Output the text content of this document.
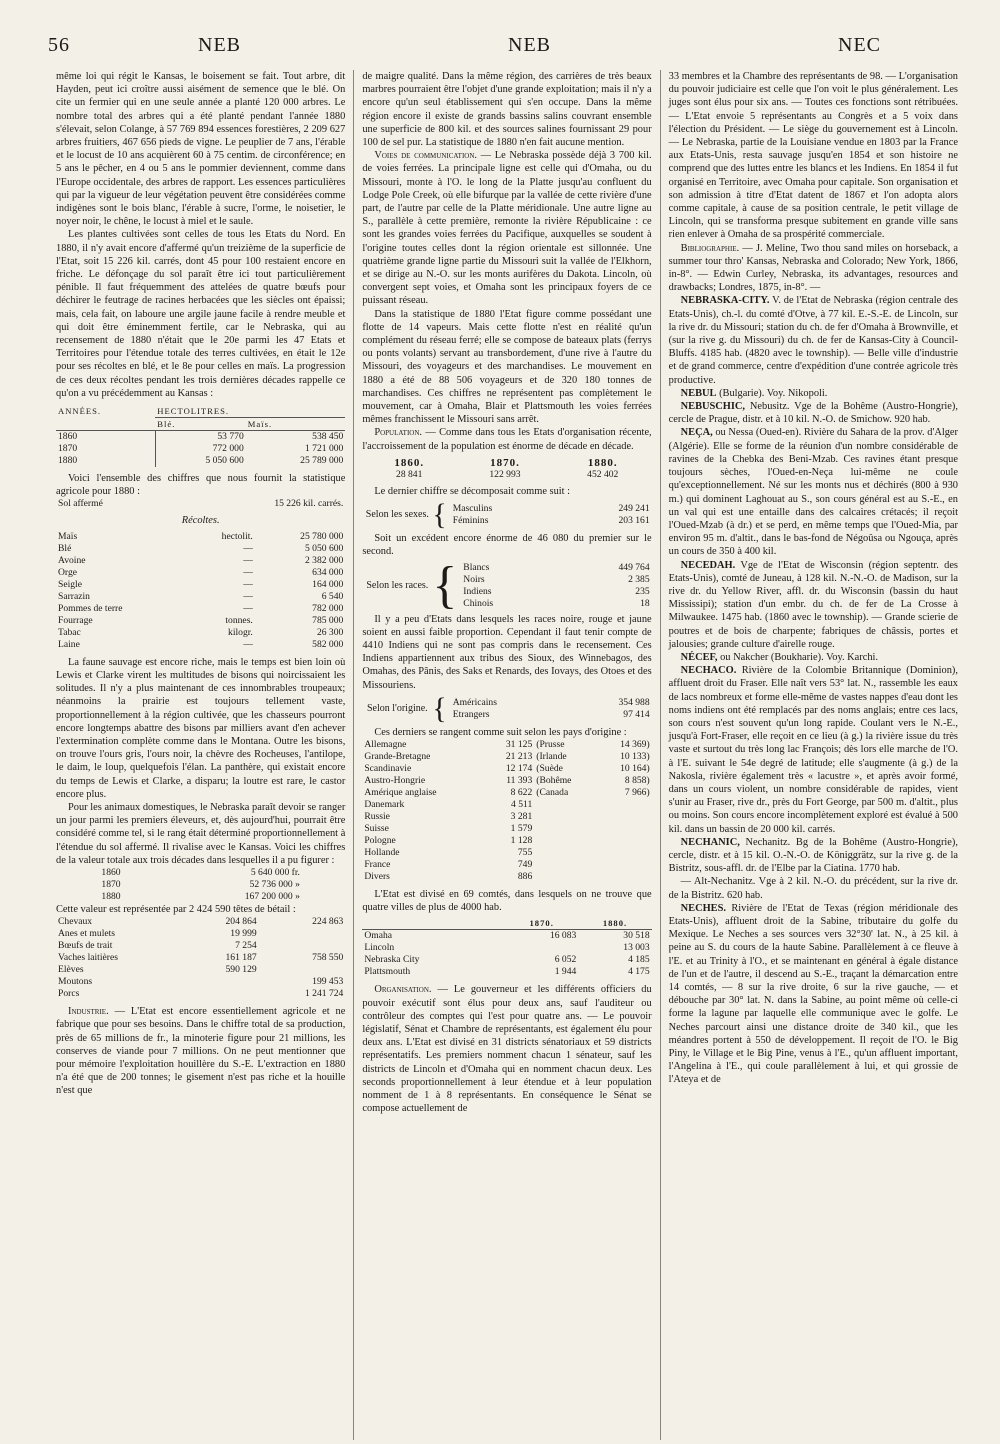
56	NEB	NEB	NEC

même loi qui régit le Kansas, le boisement se fait. Tout arbre, dit Hayden, peut ici croître aussi aisément de semence que le blé. On cite un fermier qui en une seule année a planté 120 000 arbres. Le nombre total des arbres qui a été planté pendant l'année 1880 s'élevait, selon Colange, à 57 769 894 essences forestières, 2 209 627 arbres fruitiers, 467 656 pieds de vigne. Le peuplier de 7 ans, l'érable et le locust de 10 ans acquièrent 60 à 75 centim. de circonférence; en 5 ans le pêcher, en 4 ou 5 ans le pommier deviennent, comme dans l'Europe occidentale, des arbres de rapport. Les essences particulières qui par la vigueur de leur végétation peuvent être considérées comme indigènes sont le bois blanc, l'érable à sucre, l'orme, le noisetier, le noyer noir, le chêne, le locust à miel et le saule.

Les plantes cultivées sont celles de tous les Etats du Nord. En 1880, il n'y avait encore d'affermé qu'un treizième de la superficie de l'Etat, soit 15 226 kil. carrés, dont 45 pour 100 restaient encore en friche. Le défonçage du sol paraît être ici tout particulièrement pénible. Il faut fréquemment des attelées de quatre bœufs pour déchirer le feutrage de racines herbacées que les siècles ont épaissi; mais, cela fait, on laboure une argile jaune facile à rendre meuble et qui doit être éminemment fertile, car le Nebraska, qui au recensement de 1880 n'était que le 20e parmi les 47 Etats et Territoires pour l'étendue totale des terres cultivées, en était le 12e pour ses récoltes en blé, et le 8e pour celles en maïs. La progression de ces deux récoltes pendant les trois dernières décades rappelle ce qu'on a vu précédemment au Kansas :

ANNÉES.	HECTOLITRES.	
	Blé.	Maïs.
1860	53 770	538 450
1870	772 000	1 721 000
1880	5 050 600	25 789 000

Voici l'ensemble des chiffres que nous fournit la statistique agricole pour 1880 :

Sol affermé	15 226 kil. carrés.
Récoltes.
Maïs	hectolit.	25 780 000
Blé	—	5 050 600
Avoine	—	2 382 000
Orge	—	634 000
Seigle	—	164 000
Sarrazin	—	6 540
Pommes de terre	—	782 000
Fourrage	tonnes.	785 000
Tabac	kilogr.	26 300
Laine	—	582 000

La faune sauvage est encore riche, mais le temps est bien loin où Lewis et Clarke virent les multitudes de bisons qui noircissaient les solitudes. Il n'y a plus maintenant de ces innombrables troupeaux; néanmoins la prairie est toujours tellement vaste, proportionnellement à la région cultivée, que les chasseurs pourront encore longtemps abattre des bisons par milliers avant d'en achever l'extermination complète comme dans le Montana. Outre les bisons, on trouve l'ours gris, l'ours noir, la chèvre des Rocheuses, l'antilope, le daim, le loup, quelquefois l'élan. La panthère, qui existait encore du temps de Lewis et Clarke, a disparu; la loutre est rare, le castor encore plus.

Pour les animaux domestiques, le Nebraska paraît devoir se ranger un jour parmi les premiers éleveurs, et, dès aujourd'hui, pourrait être considéré comme tel, si le rang était déterminé proportionnellement à l'étendue du sol affermé. Il rivalise avec le Kansas. Voici les chiffres de la valeur totale aux trois décades dans lesquelles il a pu figurer :

1860	5 640 000 fr.
1870	52 736 000 »
1880	167 200 000 »

Cette valeur est représentée par 2 424 590 têtes de bétail :

Chevaux	204 864	224 863
Anes et mulets	19 999	
Bœufs de trait	7 254	
Vaches laitières	161 187	758 550
Elèves	590 129	
Moutons		199 453
Porcs		1 241 724

Industrie. — L'Etat est encore essentiellement agricole et ne fabrique que pour ses besoins. Dans le chiffre total de sa production, près de 65 millions de fr., la minoterie figure pour 21 millions, les conserves de viande pour 7 millions. On ne peut mentionner que pour mémoire l'exploitation houillère du S.-E. L'extraction en 1880 n'a été que de 200 tonnes; le gisement n'est pas riche et la houille n'est que

de maigre qualité. Dans la même région, des carrières de très beaux marbres pourraient être l'objet d'une grande exploitation; mais il n'y a encore qu'un seul établissement qui s'en occupe. Dans la même région encore il existe de grands bassins salins couvrant ensemble une superficie de 800 kil. et des sources salines fournissant 29 pour 100 de sel pur. La statistique de 1880 n'en fait aucune mention.

Voies de communication. — Le Nebraska possède déjà 3 700 kil. de voies ferrées. La principale ligne est celle qui d'Omaha, ou du Missouri, monte à l'O. le long de la Platte jusqu'au confluent du Lodge Pole Creek, où elle bifurque par la vallée de cette rivière d'une part, de l'autre par celle de la Platte méridionale. Une autre ligne au S., parallèle à cette première, remonte la rivière Républicaine : ce sont les grandes voies ferrées du Pacifique, auxquelles se soudent à l'origine toutes celles dont la région orientale est sillonnée. Une quatrième grande ligne partie du Missouri suit la vallée de l'Elkhorn, et se dirige au N.-O. sur les monts aurifères du Dakota. Lincoln, où convergent sept voies, et Omaha sont les principaux foyers de ce puissant réseau.

Dans la statistique de 1880 l'Etat figure comme possédant une flotte de 14 vapeurs. Mais cette flotte n'est en réalité qu'un complément du réseau ferré; elle se compose de bateaux plats (ferrys ou ponts volants) servant au transbordement, d'une rive à l'autre du Missouri, des voyageurs et des marchandises. Le mouvement en 1880 a été de 88 506 voyageurs et de 320 180 tonnes de marchandises. Ces chiffres ne représentent pas complètement le mouvement, car à Omaha, Blair et Plattsmouth les voies ferrées mêmes franchissent le Missouri sans arrêt.

Population. — Comme dans tous les Etats d'organisation récente, l'accroissement de la population est énorme de décade en décade.

1860.	1870.	1880.
28 841	122 993	452 402

Le dernier chiffre se décomposait comme suit :

Selon les sexes. { Masculins	249 241
Féminins	203 161

Soit un excédent encore énorme de 46 080 du premier sur le second.

Selon les races. { Blancs	449 764
Noirs	2 385
Indiens	235
Chinois	18

Il y a peu d'Etats dans lesquels les races noire, rouge et jaune soient en aussi faible proportion. Cependant il faut tenir compte de 4410 Indiens qui ne sont pas compris dans le recensement. Ces Indiens appartiennent aux tribus des Sioux, des Winnebagos, des Omahas, des Pânis, des Saks et Renards, des Iovays, des Otoes et des Missouriens.

Selon l'origine. { Américains	354 988
Etrangers	97 414

Ces derniers se rangent comme suit selon les pays d'origine :

Allemagne	31 125	(Prusse	14 369)
Grande-Bretagne	21 213	(Irlande	10 133)
Scandinavie	12 174	(Suède	10 164)
Austro-Hongrie	11 393	(Bohême	8 858)
Amérique anglaise	8 622	(Canada	7 966)
Danemark	4 511		
Russie	3 281		
Suisse	1 579		
Pologne	1 128		
Hollande	755		
France	749		
Divers	886		

L'Etat est divisé en 69 comtés, dans lesquels on ne trouve que quatre villes de plus de 4000 hab.

	1870.	1880.
Omaha	16 083	30 518
Lincoln		13 003
Nebraska City	6 052	4 185
Plattsmouth	1 944	4 175

Organisation. — Le gouverneur et les différents officiers du pouvoir exécutif sont élus pour deux ans, sauf l'auditeur ou contrôleur des comptes qui l'est pour quatre ans. — Le pouvoir législatif, Sénat et Chambre de représentants, est également élu pour deux ans. L'Etat est divisé en 31 districts sénatoriaux et 59 districts représentatifs. Les premiers nomment chacun 1 sénateur, sauf les districts de Lincoln et d'Omaha qui en nomment chacun deux. Les seconds proportionnellement à leur étendue et à leur population nomment de 1 à 8 représentants. En conséquence le Sénat se compose actuellement de

33 membres et la Chambre des représentants de 98. — L'organisation du pouvoir judiciaire est celle que l'on voit le plus généralement. Les juges sont élus pour six ans. — Toutes ces fonctions sont rétribuées. — L'Etat envoie 5 représentants au Congrès et a 5 voix dans l'élection du Président. — Le siège du gouvernement est à Lincoln. — Le Nebraska, partie de la Louisiane vendue en 1803 par la France aux Etats-Unis, resta sauvage jusqu'en 1854 et son histoire ne comprend que des luttes entre les blancs et les Indiens. En 1854 il fut organisé en Territoire, avec Omaha pour capitale. Son organisation et son admission à titre d'Etat datent de 1867 et l'on adopta alors comme capitale, à cause de sa position centrale, le petit village de Lincoln, qui se transforma presque subitement en grande ville sans rien enlever à Omaha de sa prospérité commerciale.

Bibliographie. — J. Meline, Two thou sand miles on horseback, a summer tour thro' Kansas, Nebraska and Colorado; New York, 1866, in-8°. — Edwin Curley, Nebraska, its advantages, resources and drawbacks; Londres, 1875, in-8°. —

NEBRASKA-CITY. V. de l'Etat de Nebraska (région centrale des Etats-Unis), ch.-l. du comté d'Otve, à 77 kil. E.-S.-E. de Lincoln, sur la rive dr. du Missouri; station du ch. de fer d'Omaha à Brownville, et (sur la rive g. du Missouri) du ch. de fer de Kansas-City à Council-Bluffs. 4185 hab. (4820 avec le township). — Belle ville d'industrie et de grand commerce, centre d'expédition d'une contrée agricole très productive.

NEBUL (Bulgarie). Voy. Nikopoli.

NEBUSCHIC, Nebusitz. Vge de la Bohême (Austro-Hongrie), cercle de Prague, distr. et à 10 kil. N.-O. de Smichow. 920 hab.

NEÇA, ou Nessa (Oued-en). Rivière du Sahara de la prov. d'Alger (Algérie). Elle se forme de la réunion d'un nombre considérable de ravines de la Chebka des Beni-Mzab. Ces ravines étant presque toujours sèches, l'Oued-en-Neça lui-même ne coule qu'exceptionnellement. Né sur les monts nus et déchirés (800 à 930 m.) qui dominent Laghouat au S., son cours général est au S.-E., en un val qui est une entaille dans des calcaires crétacés; il reçoit l'Oued-Mzab (à dr.) et se perd, en même temps que l'Oued-Mia, par environ 95 m. d'altit., dans le bas-fond de Négoûsa ou Ngouça, après un cours de 350 à 400 kil.

NECEDAH. Vge de l'Etat de Wisconsin (région septentr. des Etats-Unis), comté de Juneau, à 128 kil. N.-N.-O. de Madison, sur la rive dr. du Yellow River, affl. dr. du Wisconsin (bassin du haut Mississipi); station d'un embr. du ch. de fer de La Crosse à Milwaukee. 1475 hab. (1860 avec le township). — Grande scierie de poutres et de bois de charpente; fabriques de châssis, portes et jalousies; grande culture d'airelle rouge.

NÉCEF, ou Nakcher (Boukharie). Voy. Karchi.

NECHACO. Rivière de la Colombie Britannique (Dominion), affluent droit du Fraser. Elle naît vers 53° lat. N., rassemble les eaux de lacs nombreux et forme elle-même de vastes nappes d'eau dont les noms indiens ont été remplacés par des noms anglais; entre ces lacs, son cours n'est souvent qu'un long rapide. Coulant vers le N.-E., jusqu'à Fort-Fraser, elle reçoit en ce lieu (à g.) la rivière issue du très vaste et surtout du très long lac François; dès lors elle marche de l'O. à l'E. suivant le 54e degré de latitude; elle s'augmente (à g.) de la Nakosla, rivière également très « lacustre », et après avoir formé, dans un cours violent, un nombre considérable de rapides, vient s'unir au Fraser, rive dr., près du Fort George, par 500 m. d'altit., plus ou moins. Son cours encore incomplètement exploré est évalué à 500 kil. dans un bassin de 20 000 kil. carrés.

NECHANIC, Nechanitz. Bg de la Bohême (Austro-Hongrie), cercle, distr. et à 15 kil. O.-N.-O. de Königgrätz, sur la rive g. de la Bistritz, sous-affl. dr. de l'Elbe par la Ciatina. 1770 hab.

— Alt-Nechanitz. Vge à 2 kil. N.-O. du précédent, sur la rive dr. de la Bistritz. 620 hab.

NECHES. Rivière de l'Etat de Texas (région méridionale des Etats-Unis), affluent droit de la Sabine, tributaire du golfe du Mexique. Le Neches a ses sources vers 32°30' lat. N., à 25 kil. à peine au S. du cours de la haute Sabine. Parallèlement à ce fleuve à l'E. et au Trinity à l'O., et se maintenant en général à égale distance de l'un et de l'autre, il descend au S.-E., traçant la démarcation entre 14 comtés, — 8 sur la rive droite, 6 sur la rive gauche, — et débouche par 30° lat. N. dans la Sabine, au point même où celle-ci forme la lagune par laquelle elle communique avec le golfe. Le Neches parcourt ainsi une distance droite de 340 kil., que les méandres portent à 550 de développement. Il reçoit de l'O. le Big Piny, le Village et le Big Pine, venus à l'E., qu'un affluent important, l'Angelina à l'E., qui coule parallèlement à lui, et qui grossie de l'Ateya et de
